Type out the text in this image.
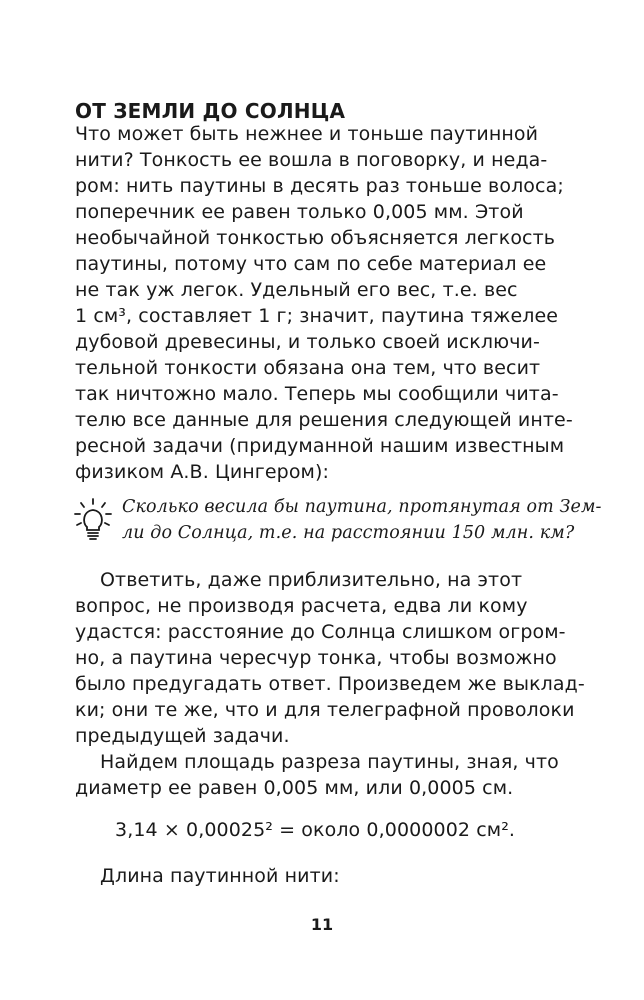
ОТ ЗЕМЛИ ДО СОЛНЦА

Что может быть нежнее и тоньше паутинной

нити? Тонкость ее вошла в поговорку, и неда-

ром: нить паутины в десять раз тоньше волоса;

поперечник ее равен только 0,005 мм. Этой

необычайной тонкостью объясняется легкость

паутины, потому что сам по себе материал ее

не так уж легок. Удельный его вес, т.е. вес

1 см³, составляет 1 г; значит, паутина тяжелее

дубовой древесины, и только своей исключи-

тельной тонкости обязана она тем, что весит

так ничтожно мало. Теперь мы сообщили чита-

телю все данные для решения следующей инте-

ресной задачи (придуманной нашим известным

физиком А.В. Цингером):

Сколько весила бы паутина, протянутая от Зем-

ли до Солнца, т.е. на расстоянии 150 млн. км?

Ответить, даже приблизительно, на этот

вопрос, не производя расчета, едва ли кому

удастся: расстояние до Солнца слишком огром-

но, а паутина чересчур тонка, чтобы возможно

было предугадать ответ. Произведем же выклад-

ки; они те же, что и для телеграфной проволоки

предыдущей задачи.

Найдем площадь разреза паутины, зная, что

диаметр ее равен 0,005 мм, или 0,0005 см.

3,14 × 0,00025² = около 0,0000002 см².

Длина паутинной нити:

11
